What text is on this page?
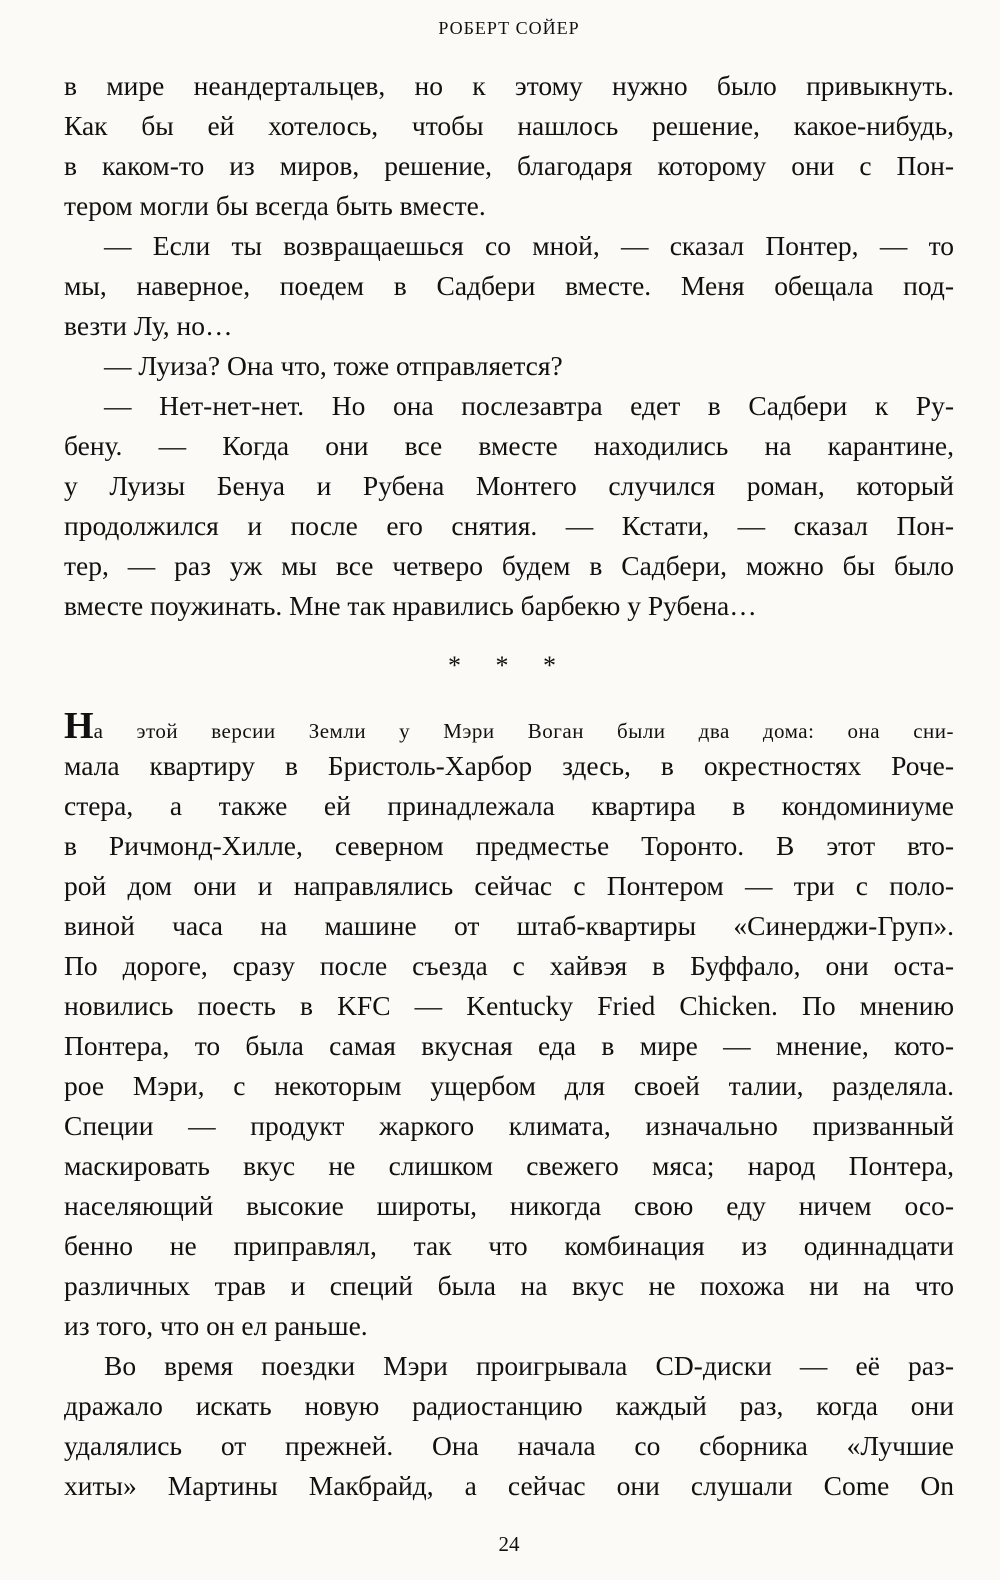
РОБЕРТ СОЙЕР
в мире неандертальцев, но к этому нужно было привыкнуть.
Как бы ей хотелось, чтобы нашлось решение, какое-нибудь,
в каком-то из миров, решение, благодаря которому они с Пон-
тером могли бы всегда быть вместе.
— Если ты возвращаешься со мной, — сказал Понтер, — то
мы, наверное, поедем в Садбери вместе. Меня обещала под-
везти Лу, но…
— Луиза? Она что, тоже отправляется?
— Нет-нет-нет. Но она послезавтра едет в Садбери к Ру-
бену. — Когда они все вместе находились на карантине,
у Луизы Бенуа и Рубена Монтего случился роман, который
продолжился и после его снятия. — Кстати, — сказал Пон-
тер, — раз уж мы все четверо будем в Садбери, можно бы было
вместе поужинать. Мне так нравились барбекю у Рубена…
* * *
На этой версии Земли у Мэри Воган были два дома: она сни-
мала квартиру в Бристоль-Харбор здесь, в окрестностях Роче-
стера, а также ей принадлежала квартира в кондоминиуме
в Ричмонд-Хилле, северном предместье Торонто. В этот вто-
рой дом они и направлялись сейчас с Понтером — три с поло-
виной часа на машине от штаб-квартиры «Синерджи-Груп».
По дороге, сразу после съезда с хайвэя в Буффало, они оста-
новились поесть в KFC — Kentucky Fried Chicken. По мнению
Понтера, то была самая вкусная еда в мире — мнение, кото-
рое Мэри, с некоторым ущербом для своей талии, разделяла.
Специи — продукт жаркого климата, изначально призванный
маскировать вкус не слишком свежего мяса; народ Понтера,
населяющий высокие широты, никогда свою еду ничем осо-
бенно не приправлял, так что комбинация из одиннадцати
различных трав и специй была на вкус не похожа ни на что
из того, что он ел раньше.
Во время поездки Мэри проигрывала CD-диски — её раз-
дражало искать новую радиостанцию каждый раз, когда они
удалялись от прежней. Она начала со сборника «Лучшие
хиты» Мартины Макбрайд, а сейчас они слушали Come On
24
